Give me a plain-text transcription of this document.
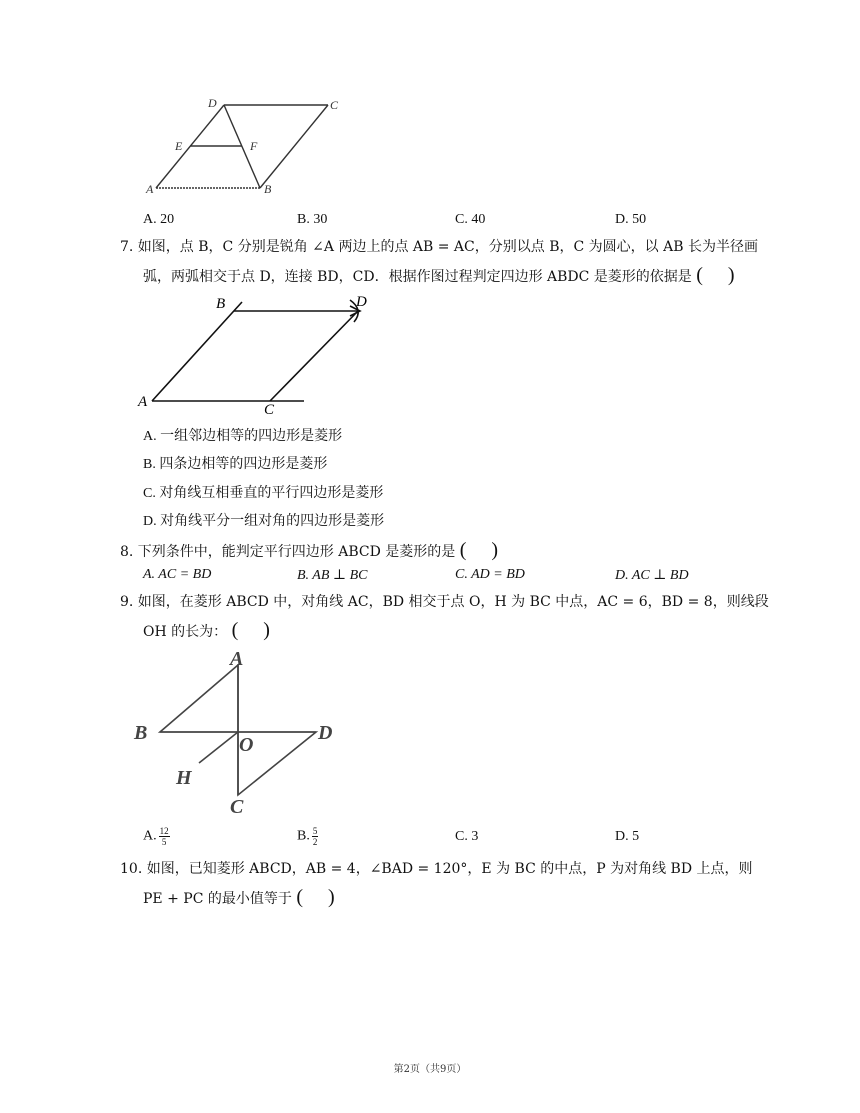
D	C
E	F
A	B
A. 20	B. 30	C. 40	D. 50
7. 如图，点 B，C 分别是锐角 ∠A 两边上的点 AB = AC，分别以点 B，C 为圆心，以 AB 长为半径画
弧，两弧相交于点 D，连接 BD，CD．根据作图过程判定四边形 ABDC 是菱形的依据是 (     )
B	D
A	C
A. 一组邻边相等的四边形是菱形
B. 四条边相等的四边形是菱形
C. 对角线互相垂直的平行四边形是菱形
D. 对角线平分一组对角的四边形是菱形
8. 下列条件中，能判定平行四边形 ABCD 是菱形的是 (     )
A. AC = BD	B. AB ⊥ BC	C. AD = BD	D. AC ⊥ BD
9. 如图，在菱形 ABCD 中，对角线 AC，BD 相交于点 O，H 为 BC 中点，AC = 6，BD = 8，则线段
OH 的长为： (     )
A
B
O
D
H
C
A. $\frac{12}{5}$	B. $\frac{5}{2}$	C. 3	D. 5
10. 如图，已知菱形 ABCD，AB = 4，∠BAD = 120°，E 为 BC 的中点，P 为对角线 BD 上点，则
PE + PC 的最小值等于 (     )
第2页（共9页）
